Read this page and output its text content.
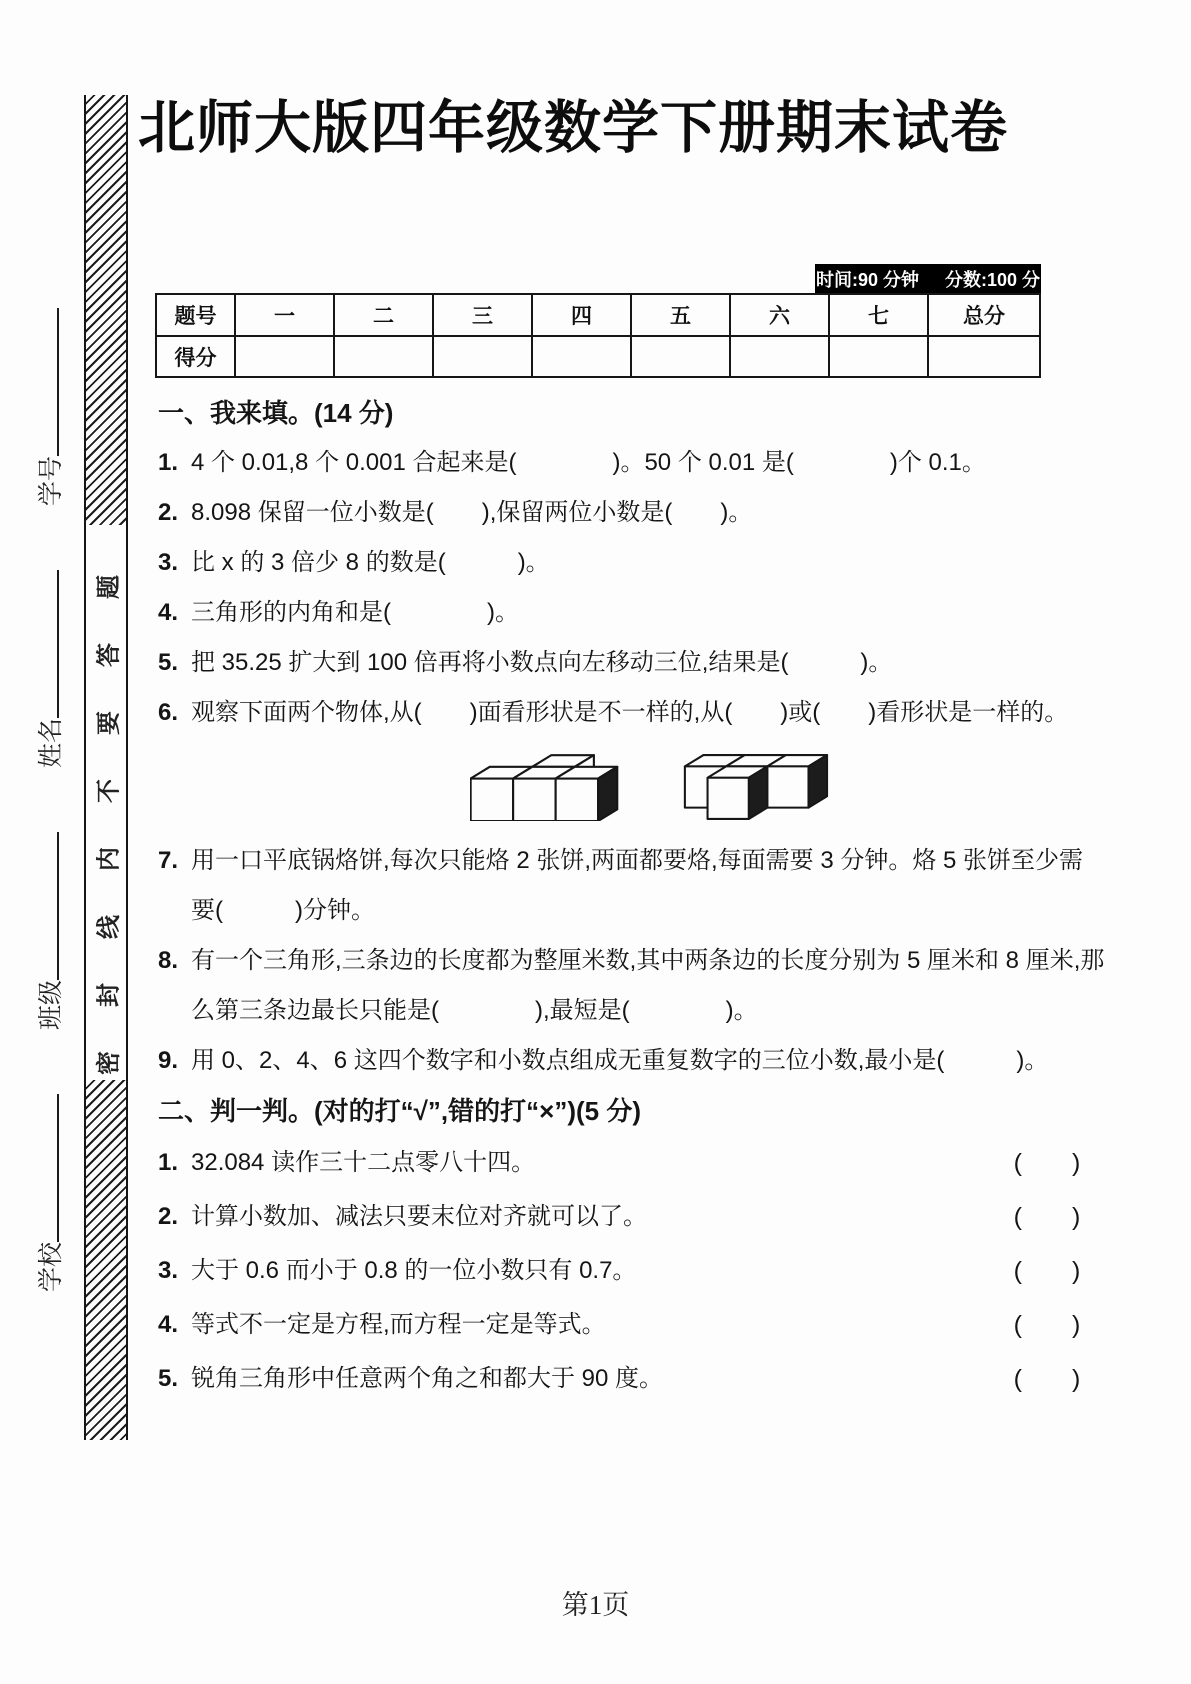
学校班级姓名学号
密封线内不要答题
北师大版四年级数学下册期末试卷
时间:90 分钟 分数:100 分
题号	一	二	三	四	五	六	七	总分
得分								
一、我来填。(14 分)
1. 4 个 0.01,8 个 0.001 合起来是(　　　　)。50 个 0.01 是(　　　　)个 0.1。
2. 8.098 保留一位小数是(　　),保留两位小数是(　　)。
3. 比 x 的 3 倍少 8 的数是(　　　)。
4. 三角形的内角和是(　　　　)。
5. 把 35.25 扩大到 100 倍再将小数点向左移动三位,结果是(　　　)。
6. 观察下面两个物体,从(　　)面看形状是不一样的,从(　　)或(　　)看形状是一样的。
7. 用一口平底锅烙饼,每次只能烙 2 张饼,两面都要烙,每面需要 3 分钟。烙 5 张饼至少需要(　　　)分钟。
8. 有一个三角形,三条边的长度都为整厘米数,其中两条边的长度分别为 5 厘米和 8 厘米,那么第三条边最长只能是(　　　　),最短是(　　　　)。
9. 用 0、2、4、6 这四个数字和小数点组成无重复数字的三位小数,最小是(　　　)。
二、判一判。(对的打“√”,错的打“×”)(5 分)
1. 32.084 读作三十二点零八十四。	(　　)
2. 计算小数加、减法只要末位对齐就可以了。	(　　)
3. 大于 0.6 而小于 0.8 的一位小数只有 0.7。	(　　)
4. 等式不一定是方程,而方程一定是等式。	(　　)
5. 锐角三角形中任意两个角之和都大于 90 度。	(　　)
第1页
